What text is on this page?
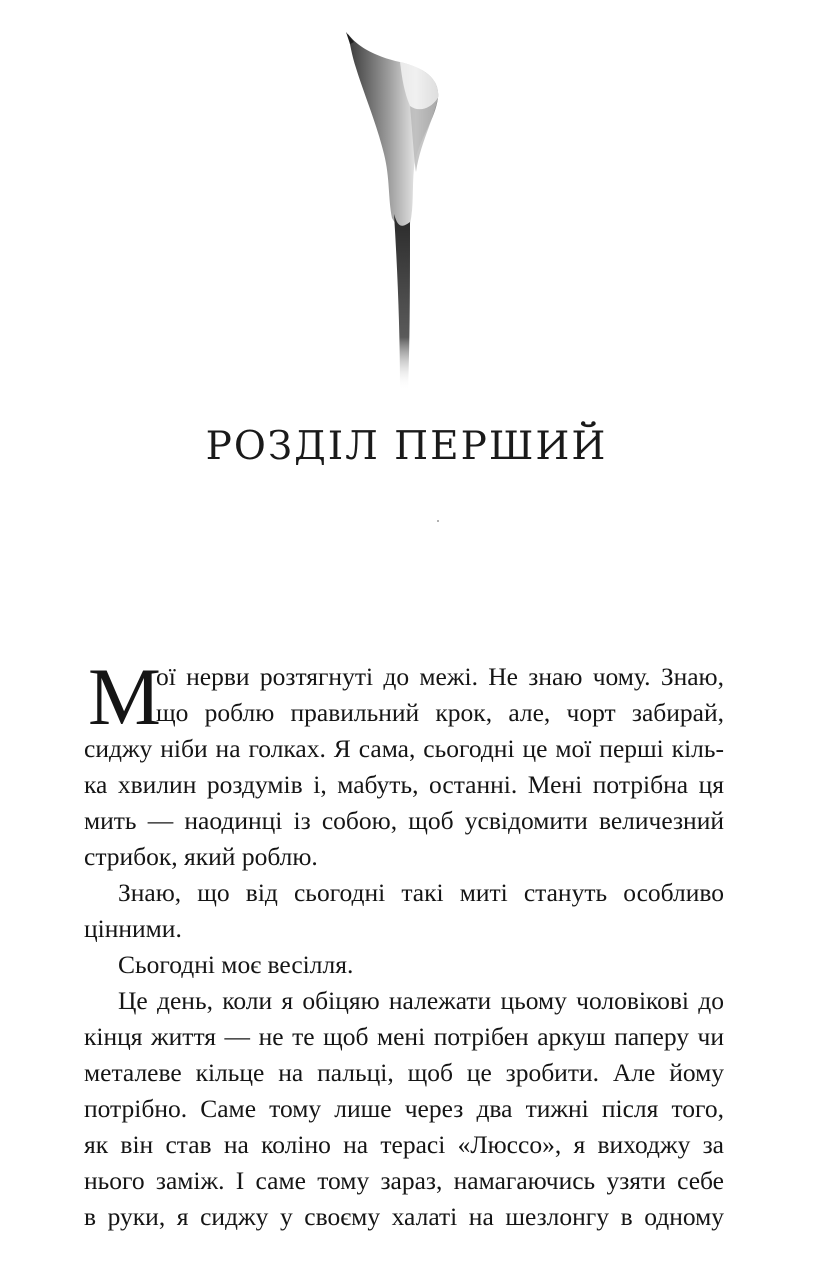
РОЗДІЛ ПЕРШИЙ
М
ої нерви розтягнуті до межі. Не знаю чому. Знаю,
що роблю правильний крок, але, чорт забирай,
сиджу ніби на голках. Я сама, сьогодні це мої перші кіль-
ка хвилин роздумів і, мабуть, останні. Мені потрібна ця
мить — наодинці із собою, щоб усвідомити величезний
стрибок, який роблю.
Знаю, що від сьогодні такі миті стануть особливо
цінними.
Сьогодні моє весілля.
Це день, коли я обіцяю належати цьому чоловікові до
кінця життя — не те щоб мені потрібен аркуш паперу чи
металеве кільце на пальці, щоб це зробити. Але йому
потрібно. Саме тому лише через два тижні після того,
як він став на коліно на терасі «Люссо», я виходжу за
нього заміж. І саме тому зараз, намагаючись узяти себе
в руки, я сиджу у своєму халаті на шезлонгу в одному
